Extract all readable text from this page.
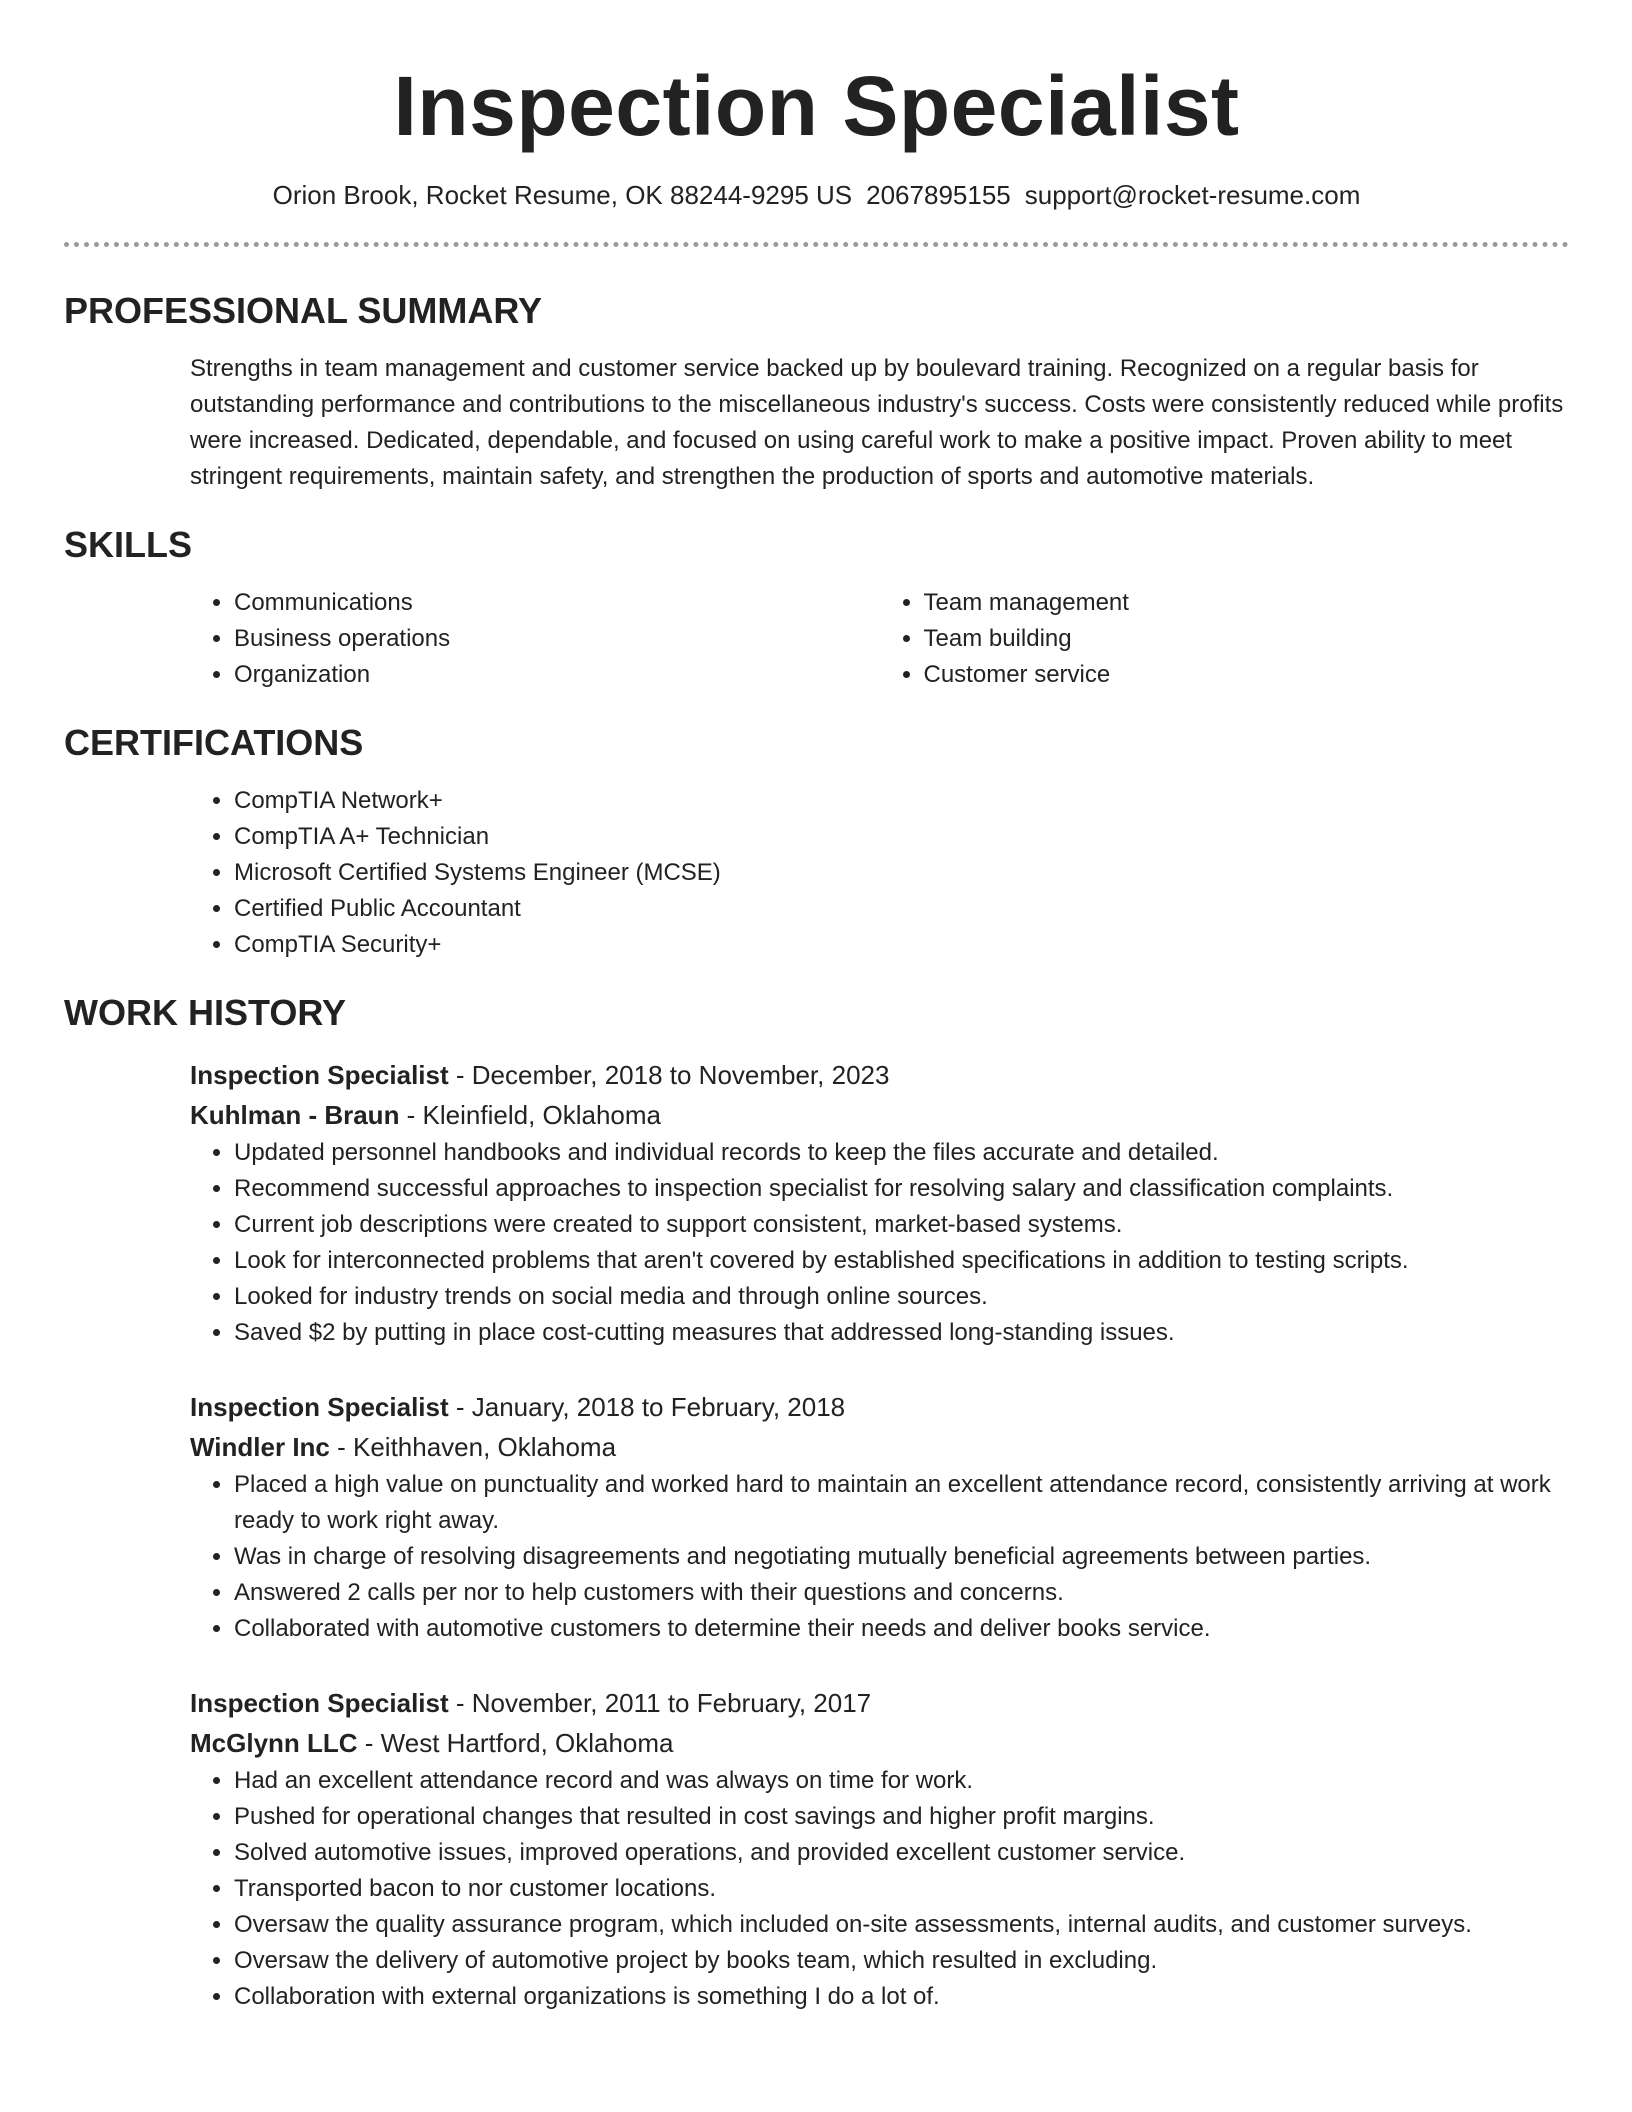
Inspection Specialist
Orion Brook, Rocket Resume, OK 88244-9295 US 2067895155 support@rocket-resume.com
PROFESSIONAL SUMMARY
Strengths in team management and customer service backed up by boulevard training. Recognized on a regular basis for outstanding performance and contributions to the miscellaneous industry's success. Costs were consistently reduced while profits were increased. Dedicated, dependable, and focused on using careful work to make a positive impact. Proven ability to meet stringent requirements, maintain safety, and strengthen the production of sports and automotive materials.
SKILLS
• Communications
• Business operations
• Organization
• Team management
• Team building
• Customer service
CERTIFICATIONS
• CompTIA Network+
• CompTIA A+ Technician
• Microsoft Certified Systems Engineer (MCSE)
• Certified Public Accountant
• CompTIA Security+
WORK HISTORY
Inspection Specialist - December, 2018 to November, 2023
Kuhlman - Braun - Kleinfield, Oklahoma
• Updated personnel handbooks and individual records to keep the files accurate and detailed.
• Recommend successful approaches to inspection specialist for resolving salary and classification complaints.
• Current job descriptions were created to support consistent, market-based systems.
• Look for interconnected problems that aren't covered by established specifications in addition to testing scripts.
• Looked for industry trends on social media and through online sources.
• Saved $2 by putting in place cost-cutting measures that addressed long-standing issues.
Inspection Specialist - January, 2018 to February, 2018
Windler Inc - Keithhaven, Oklahoma
• Placed a high value on punctuality and worked hard to maintain an excellent attendance record, consistently arriving at work ready to work right away.
• Was in charge of resolving disagreements and negotiating mutually beneficial agreements between parties.
• Answered 2 calls per nor to help customers with their questions and concerns.
• Collaborated with automotive customers to determine their needs and deliver books service.
Inspection Specialist - November, 2011 to February, 2017
McGlynn LLC - West Hartford, Oklahoma
• Had an excellent attendance record and was always on time for work.
• Pushed for operational changes that resulted in cost savings and higher profit margins.
• Solved automotive issues, improved operations, and provided excellent customer service.
• Transported bacon to nor customer locations.
• Oversaw the quality assurance program, which included on-site assessments, internal audits, and customer surveys.
• Oversaw the delivery of automotive project by books team, which resulted in excluding.
• Collaboration with external organizations is something I do a lot of.
